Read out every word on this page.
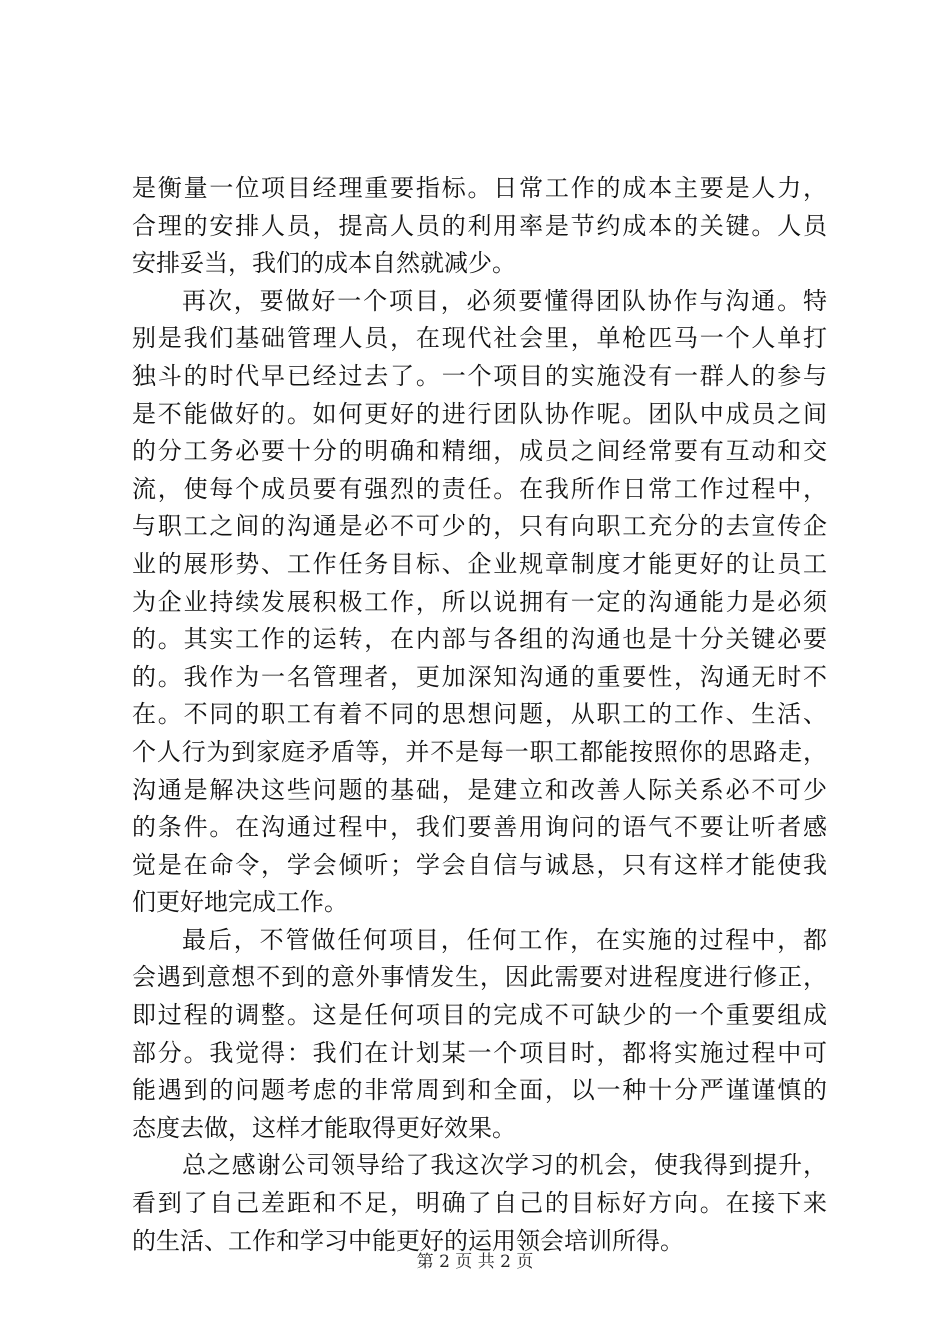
是衡量一位项目经理重要指标。日常工作的成本主要是人力，
合理的安排人员，提高人员的利用率是节约成本的关键。人员
安排妥当，我们的成本自然就减少。
再次，要做好一个项目，必须要懂得团队协作与沟通。特
别是我们基础管理人员，在现代社会里，单枪匹马一个人单打
独斗的时代早已经过去了。一个项目的实施没有一群人的参与
是不能做好的。如何更好的进行团队协作呢。团队中成员之间
的分工务必要十分的明确和精细，成员之间经常要有互动和交
流，使每个成员要有强烈的责任。在我所作日常工作过程中，
与职工之间的沟通是必不可少的，只有向职工充分的去宣传企
业的展形势、工作任务目标、企业规章制度才能更好的让员工
为企业持续发展积极工作，所以说拥有一定的沟通能力是必须
的。其实工作的运转，在内部与各组的沟通也是十分关键必要
的。我作为一名管理者，更加深知沟通的重要性，沟通无时不
在。不同的职工有着不同的思想问题，从职工的工作、生活、
个人行为到家庭矛盾等，并不是每一职工都能按照你的思路走，
沟通是解决这些问题的基础，是建立和改善人际关系必不可少
的条件。在沟通过程中，我们要善用询问的语气不要让听者感
觉是在命令，学会倾听；学会自信与诚恳，只有这样才能使我
们更好地完成工作。
最后，不管做任何项目，任何工作，在实施的过程中，都
会遇到意想不到的意外事情发生，因此需要对进程度进行修正，
即过程的调整。这是任何项目的完成不可缺少的一个重要组成
部分。我觉得：我们在计划某一个项目时，都将实施过程中可
能遇到的问题考虑的非常周到和全面，以一种十分严谨谨慎的
态度去做，这样才能取得更好效果。
总之感谢公司领导给了我这次学习的机会，使我得到提升，
看到了自己差距和不足，明确了自己的目标好方向。在接下来
的生活、工作和学习中能更好的运用领会培训所得。
第 2 页 共 2 页
